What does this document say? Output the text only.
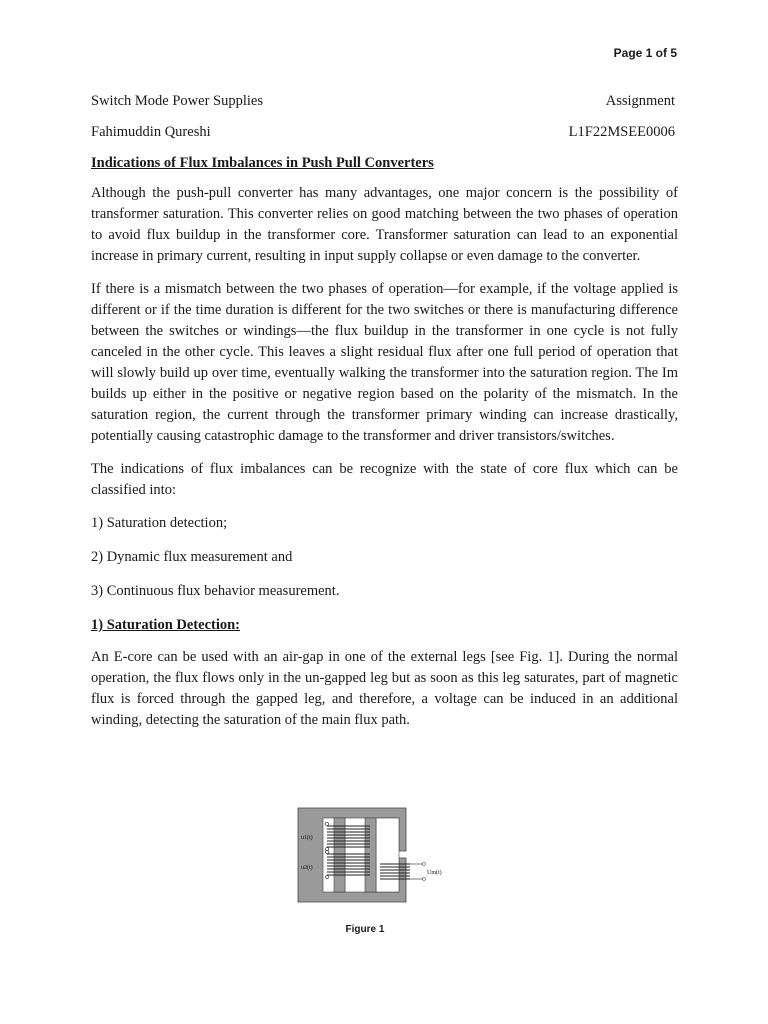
Page 1 of 5
Switch Mode Power Supplies	Assignment
Fahimuddin Qureshi	L1F22MSEE0006
Indications of Flux Imbalances in Push Pull Converters

Although the push-pull converter has many advantages, one major concern is the possibility of transformer saturation. This converter relies on good matching between the two phases of operation to avoid flux buildup in the transformer core. Transformer saturation can lead to an exponential increase in primary current, resulting in input supply collapse or even damage to the converter.

If there is a mismatch between the two phases of operation—for example, if the voltage applied is different or if the time duration is different for the two switches or there is manufacturing difference between the switches or windings—the flux buildup in the transformer in one cycle is not fully canceled in the other cycle. This leaves a slight residual flux after one full period of operation that will slowly build up over time, eventually walking the transformer into the saturation region. The Im builds up either in the positive or negative region based on the polarity of the mismatch. In the saturation region, the current through the transformer primary winding can increase drastically, potentially causing catastrophic damage to the transformer and driver transistors/switches.

The indications of flux imbalances can be recognize with the state of core flux which can be classified into:

1) Saturation detection;
2) Dynamic flux measurement and
3) Continuous flux behavior measurement.
1) Saturation Detection:

An E-core can be used with an air-gap in one of the external legs [see Fig. 1]. During the normal operation, the flux flows only in the un-gapped leg but as soon as this leg saturates, part of magnetic flux is forced through the gapped leg, and therefore, a voltage can be induced in an additional winding, detecting the saturation of the main flux path.

u1(t)
u2(t)
Um(t)
Figure 1
